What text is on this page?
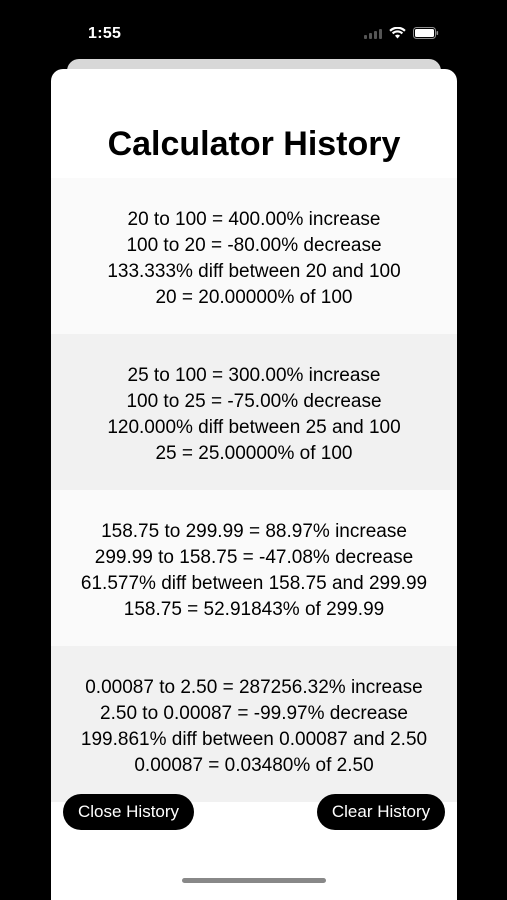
1:55
Calculator History
20 to 100 = 400.00% increase
100 to 20 = -80.00% decrease
133.333% diff between 20 and 100
20 = 20.00000% of 100
25 to 100 = 300.00% increase
100 to 25 = -75.00% decrease
120.000% diff between 25 and 100
25 = 25.00000% of 100
158.75 to 299.99 = 88.97% increase
299.99 to 158.75 = -47.08% decrease
61.577% diff between 158.75 and 299.99
158.75 = 52.91843% of 299.99
0.00087 to 2.50 = 287256.32% increase
2.50 to 0.00087 = -99.97% decrease
199.861% diff between 0.00087 and 2.50
0.00087 = 0.03480% of 2.50
Close History	Clear History
